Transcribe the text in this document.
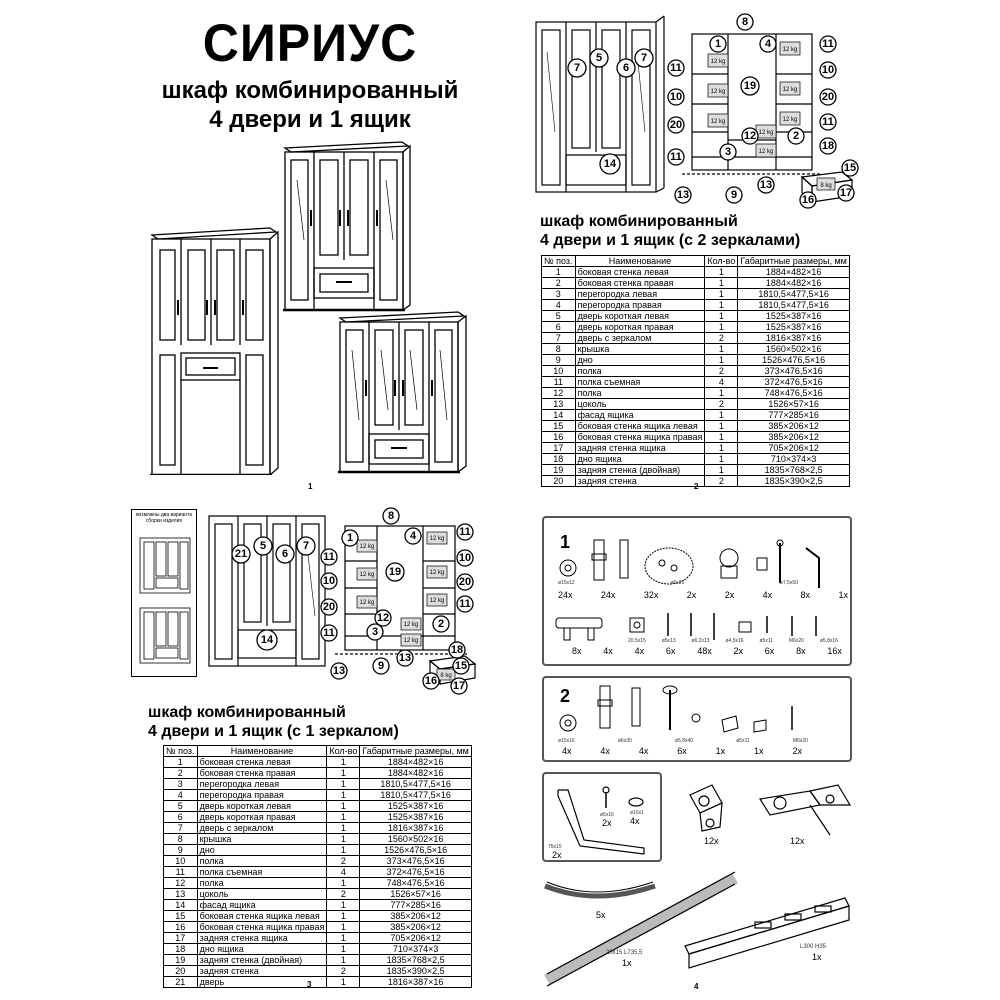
СИРИУС
шкаф комбинированный
4 двери и 1 ящик
1
12 kg
12 kg
12 kg
12 kg
12 kg
12 kg
12 kg
12 kg
8 kg
8
7
5
6
7
14
1	4
11
10
20
11
19
11
10
20
11
12	2
3
13	9
13
18
15
16
17
шкаф комбинированный
4 двери и 1 ящик (с 2 зеркалами)
№ поз.	Наименование	Кол-во	Габаритные размеры, мм
1	боковая стенка левая	1	1884×482×16
2	боковая стенка правая	1	1884×482×16
3	перегородка левая	1	1810,5×477,5×16
4	перегородка правая	1	1810,5×477,5×16
5	дверь короткая левая	1	1525×387×16
6	дверь короткая правая	1	1525×387×16
7	дверь с зеркалом	2	1816×387×16
8	крышка	1	1560×502×16
9	дно	1	1526×476,5×16
10	полка	2	373×476,5×16
11	полка съемная	4	372×476,5×16
12	полка	1	748×476,5×16
13	цоколь	2	1526×57×16
14	фасад ящика	1	777×285×16
15	боковая стенка ящика левая	1	385×206×12
16	боковая стенка ящика правая	1	385×206×12
17	задняя стенка ящика	1	705×206×12
18	дно ящика	1	710×374×3
19	задняя стенка (двойная)	1	1835×768×2,5
20	задняя стенка	2	1835×390×2,5
2
возможны два варианта сборки изделия
12 kg
12 kg
12 kg
12 kg
12 kg
12 kg
12 kg
12 kg
8 kg
8
21
5
6
7
14
1	4
11
10
20
11
19
11
10
20
11
12	2
3
13	9
13
18
15
16 17
шкаф комбинированный
4 двери и 1 ящик (с 1 зеркалом)
№ поз.	Наименование	Кол-во	Габаритные размеры, мм
1	боковая стенка левая	1	1884×482×16
2	боковая стенка правая	1	1884×482×16
3	перегородка левая	1	1810,5×477,5×16
4	перегородка правая	1	1810,5×477,5×16
5	дверь короткая левая	1	1525×387×16
6	дверь короткая правая	1	1525×387×16
7	дверь с зеркалом	1	1816×387×16
8	крышка	1	1560×502×16
9	дно	1	1526×476,5×16
10	полка	2	373×476,5×16
11	полка съемная	4	372×476,5×16
12	полка	1	748×476,5×16
13	цоколь	2	1526×57×16
14	фасад ящика	1	777×285×16
15	боковая стенка ящика левая	1	385×206×12
16	боковая стенка ящика правая	1	385×206×12
17	задняя стенка ящика	1	705×206×12
18	дно ящика	1	710×374×3
19	задняя стенка (двойная)	1	1835×768×2,5
20	задняя стенка	2	1835×390×2,5
21	дверь	1	1816×387×16
3
1
24x	24x	32x	2x	2x	4x	8x	1x
ø15x12	ø6x30	ø7,5x50
20,5x15	ø5x13	ø6,2x13	ø4,5x16	ø5x11	M6x20	ø5,8x16
8x 4x 4x 6x 48x 2x 6x 8x 16x
2
ø15x16	ø6x30	ø5,8x40	ø5x11	M6x20
4x	4x	4x	6x	1x	1x	2x
75x15
2x
ø6x16
2x
ø16x1
4x
12x	12x
5x
20x15 L735,5
1x
L300 H35
1x
4
